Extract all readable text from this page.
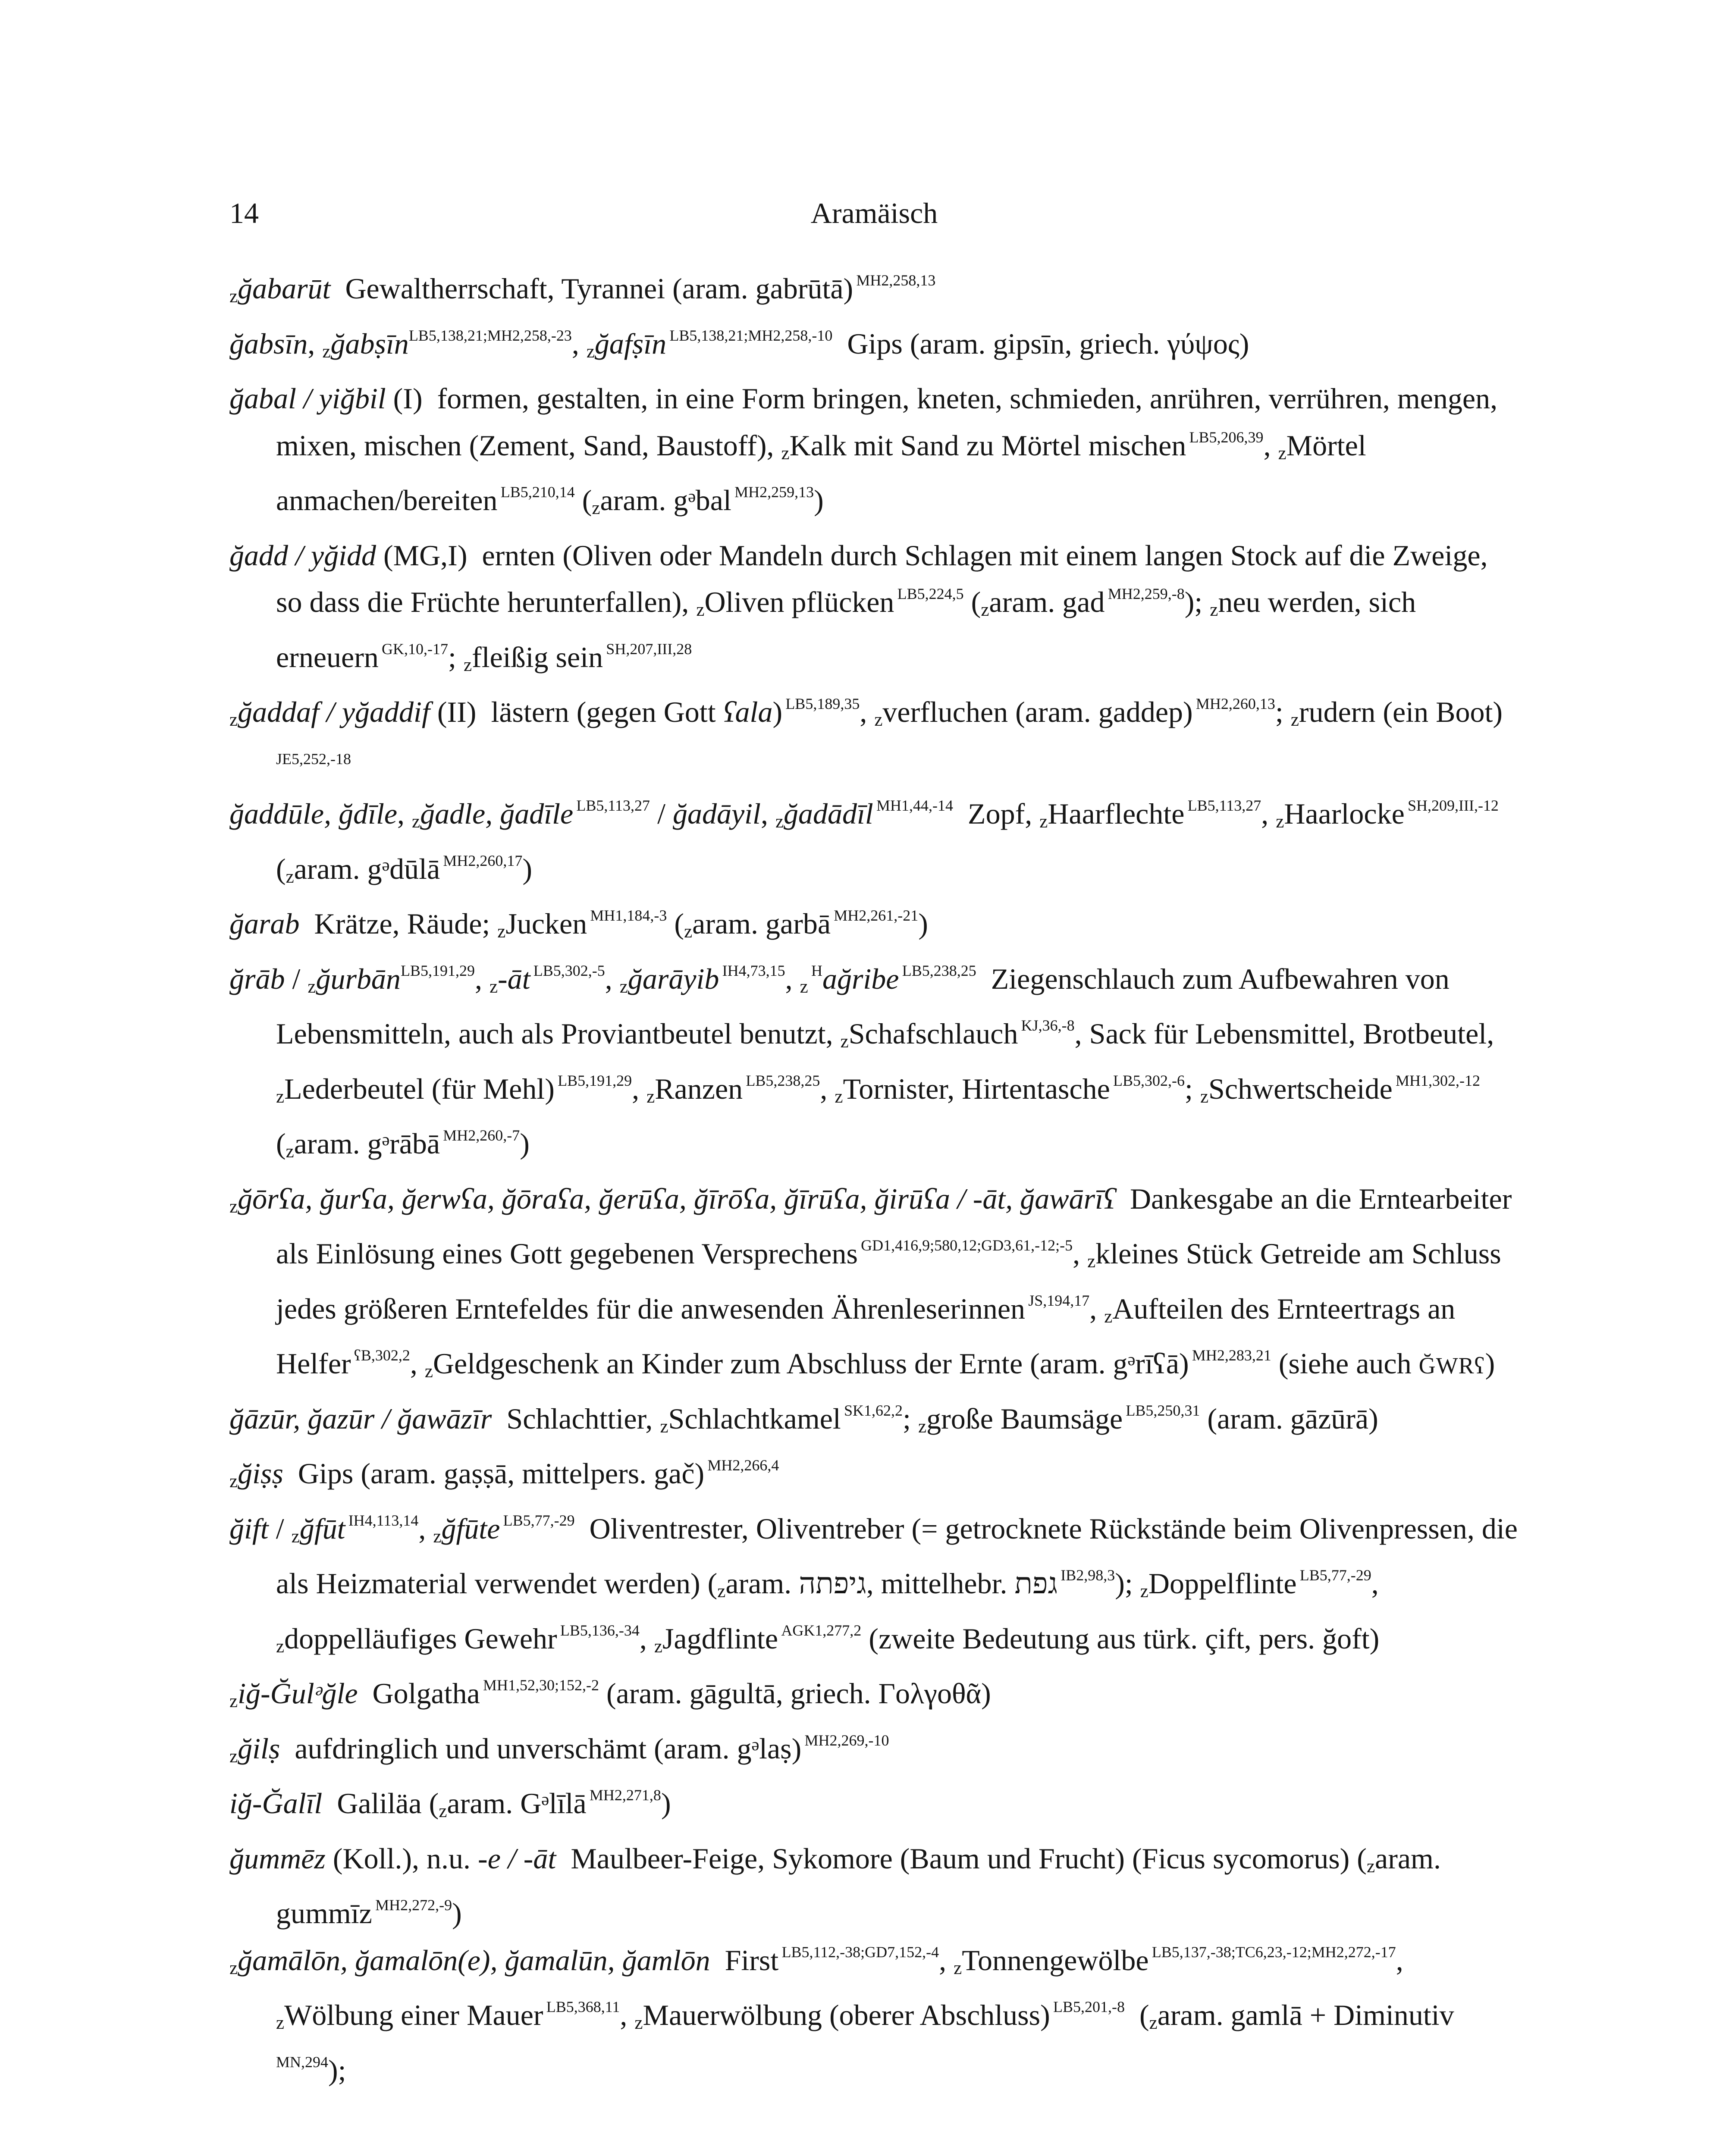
14	Aramäisch
zğabarūt  Gewaltherrschaft, Tyrannei (aram. gabrūtā) $^{MH2,258,13}$
ğabsīn, zğabṣīn$^{LB5,138,21;MH2,258,-23}$, zğafṣīn $^{LB5,138,21;MH2,258,-10}$  Gips (aram. gipsīn, griech. γύψος)
ğabal / yiğbil (I)  formen, gestalten, in eine Form bringen, kneten, schmieden, anrühren, verrühren, mengen, mixen, mischen (Zement, Sand, Baustoff), zKalk mit Sand zu Mörtel mischen $^{LB5,206,39}$, zMörtel anmachen/bereiten $^{LB5,210,14}$ (zaram. gᵊbal $^{MH2,259,13}$)
ğadd / yğidd (MG,I)  ernten (Oliven oder Mandeln durch Schlagen mit einem langen Stock auf die Zweige, so dass die Früchte herunterfallen), zOliven pflücken $^{LB5,224,5}$ (zaram. gad $^{MH2,259,-8}$); zneu werden, sich erneuern $^{GK,10,-17}$; zfleißig sein $^{SH,207,III,28}$
zğaddaf / yğaddif (II)  lästern (gegen Gott ʕala) $^{LB5,189,35}$, zverfluchen (aram. gaddep) $^{MH2,260,13}$; zrudern (ein Boot) $^{JE5,252,-18}$
ğaddūle, ğdīle, zğadle, ğadīle $^{LB5,113,27}$ / ğadāyil, zğadādīl $^{MH1,44,-14}$  Zopf, zHaarflechte $^{LB5,113,27}$, zHaarlocke $^{SH,209,III,-12}$ (zaram. gᵊdūlā $^{MH2,260,17}$)
ğarab  Krätze, Räude; zJucken $^{MH1,184,-3}$ (zaram. garbā $^{MH2,261,-21}$)
ğrāb / zğurbān$^{LB5,191,29}$, z-āt $^{LB5,302,-5}$, zğarāyib $^{IH4,73,15}$, z $^H$ağribe $^{LB5,238,25}$  Ziegenschlauch zum Aufbewahren von Lebensmitteln, auch als Proviantbeutel benutzt, zSchafschlauch $^{KJ,36,-8}$, Sack für Lebensmittel, Brotbeutel, zLederbeutel (für Mehl) $^{LB5,191,29}$, zRanzen $^{LB5,238,25}$, zTornister, Hirtentasche $^{LB5,302,-6}$; zSchwertscheide $^{MH1,302,-12}$ (zaram. gᵊrābā $^{MH2,260,-7}$)
zğōrʕa, ğurʕa, ğerwʕa, ğōraʕa, ğerūʕa, ğīrōʕa, ğīrūʕa, ğirūʕa / -āt, ğawārīʕ  Dankesgabe an die Erntearbeiter als Einlösung eines Gott gegebenen Versprechens $^{GD1,416,9;580,12;GD3,61,-12;-5}$, zkleines Stück Getreide am Schluss jedes größeren Erntefeldes für die anwesenden Ährenleserinnen $^{JS,194,17}$, zAufteilen des Ernteertrags an Helfer $^{ʕB,302,2}$, zGeldgeschenk an Kinder zum Abschluss der Ernte (aram. gᵊrīʕā) $^{MH2,283,21}$ (siehe auch ĞWRʕ)
ğāzūr, ğazūr / ğawāzīr  Schlachttier, zSchlachtkamel $^{SK1,62,2}$; zgroße Baumsäge $^{LB5,250,31}$ (aram. gāzūrā)
zğiṣṣ  Gips (aram. gaṣṣā, mittelpers. gač) $^{MH2,266,4}$
ğift / zğfūt $^{IH4,113,14}$, zğfūte $^{LB5,77,-29}$  Oliventrester, Oliventreber (= getrocknete Rückstände beim Olivenpressen, die als Heizmaterial verwendet werden) (zaram. גיפתה, mittelhebr. גפת $^{IB2,98,3}$); zDoppelflinte $^{LB5,77,-29}$, zdoppelläufiges Gewehr $^{LB5,136,-34}$, zJagdflinte $^{AGK1,277,2}$ (zweite Bedeutung aus türk. çift, pers. ğoft)
ziğ-Ğulᵊğle  Golgatha $^{MH1,52,30;152,-2}$ (aram. gāgultā, griech. Γολγοθᾶ)
zğilṣ  aufdringlich und unverschämt (aram. gᵊlaṣ) $^{MH2,269,-10}$
iğ-Ğalīl  Galiläa (zaram. Gᵊlīlā $^{MH2,271,8}$)
ğummēz (Koll.), n.u. -e / -āt  Maulbeer-Feige, Sykomore (Baum und Frucht) (Ficus sycomorus) (zaram. gummīz $^{MH2,272,-9}$)
zğamālōn, ğamalōn(e), ğamalūn, ğamlōn  First $^{LB5,112,-38;GD7,152,-4}$, zTonnengewölbe $^{LB5,137,-38;TC6,23,-12;MH2,272,-17}$, zWölbung einer Mauer $^{LB5,368,11}$, zMauerwölbung (oberer Abschluss) $^{LB5,201,-8}$  (zaram. gamlā + Diminutiv $^{MN,294}$);
